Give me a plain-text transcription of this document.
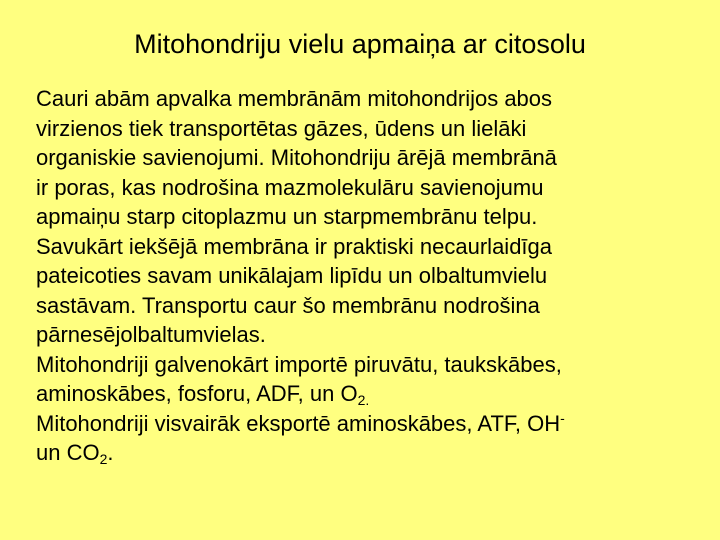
Mitohondriju vielu apmaiņa ar citosolu
Cauri abām apvalka membrānām mitohondrijos abos
virzienos tiek transportētas gāzes, ūdens un lielāki
organiskie savienojumi. Mitohondriju ārējā membrānā
ir poras, kas nodrošina mazmolekulāru savienojumu
apmaiņu starp citoplazmu un starpmembrānu telpu.
Savukārt iekšējā membrāna ir praktiski necaurlaidīga
pateicoties savam unikālajam lipīdu un olbaltumvielu
sastāvam. Transportu caur šo membrānu nodrošina
pārnesējolbaltumvielas.
Mitohondriji galvenokārt importē piruvātu, taukskābes,
aminoskābes, fosforu, ADF, un $O_{2.}$
Mitohondriji visvairāk eksportē aminoskābes, ATF, OH-
un $CO_2$.
